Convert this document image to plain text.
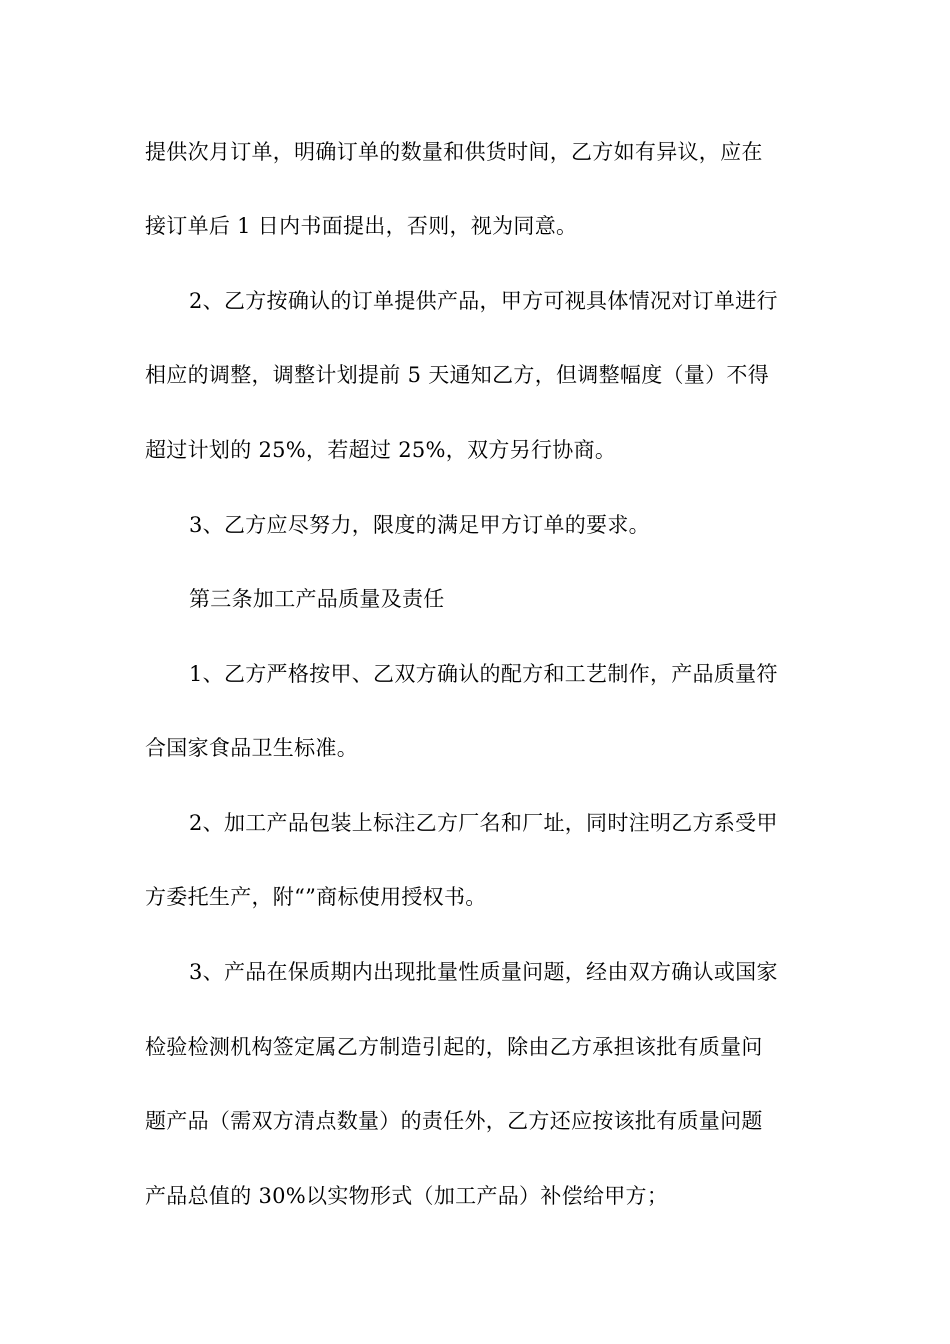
提供次月订单，明确订单的数量和供货时间，乙方如有异议，应在
接订单后 1 日内书面提出，否则，视为同意。
2、乙方按确认的订单提供产品，甲方可视具体情况对订单进行
相应的调整，调整计划提前 5 天通知乙方，但调整幅度（量）不得
超过计划的 25%，若超过 25%，双方另行协商。
3、乙方应尽努力，限度的满足甲方订单的要求。
第三条加工产品质量及责任
1、乙方严格按甲、乙双方确认的配方和工艺制作，产品质量符
合国家食品卫生标准。
2、加工产品包装上标注乙方厂名和厂址，同时注明乙方系受甲
方委托生产，附“”商标使用授权书。
3、产品在保质期内出现批量性质量问题，经由双方确认或国家
检验检测机构签定属乙方制造引起的，除由乙方承担该批有质量问
题产品（需双方清点数量）的责任外，乙方还应按该批有质量问题
产品总值的 30%以实物形式（加工产品）补偿给甲方；
